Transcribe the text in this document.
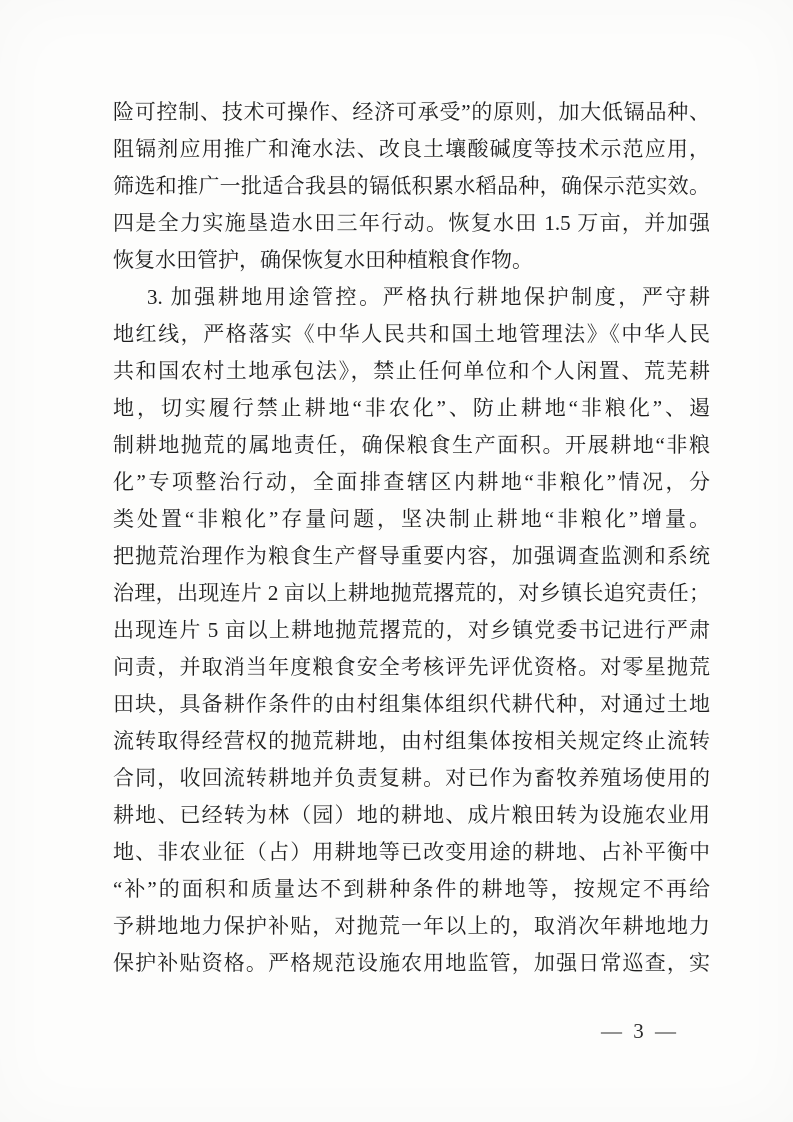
险可控制、技术可操作、经济可承受”的原则，加大低镉品种、
阻镉剂应用推广和淹水法、改良土壤酸碱度等技术示范应用，
筛选和推广一批适合我县的镉低积累水稻品种，确保示范实效。
四是全力实施垦造水田三年行动。恢复水田 1.5 万亩，并加强
恢复水田管护，确保恢复水田种植粮食作物。
3. 加强耕地用途管控。严格执行耕地保护制度，严守耕
地红线，严格落实《中华人民共和国土地管理法》《中华人民
共和国农村土地承包法》，禁止任何单位和个人闲置、荒芜耕
地，切实履行禁止耕地“非农化”、防止耕地“非粮化”、遏
制耕地抛荒的属地责任，确保粮食生产面积。开展耕地“非粮
化”专项整治行动，全面排查辖区内耕地“非粮化”情况，分
类处置“非粮化”存量问题，坚决制止耕地“非粮化”增量。
把抛荒治理作为粮食生产督导重要内容，加强调查监测和系统
治理，出现连片 2 亩以上耕地抛荒撂荒的，对乡镇长追究责任；
出现连片 5 亩以上耕地抛荒撂荒的，对乡镇党委书记进行严肃
问责，并取消当年度粮食安全考核评先评优资格。对零星抛荒
田块，具备耕作条件的由村组集体组织代耕代种，对通过土地
流转取得经营权的抛荒耕地，由村组集体按相关规定终止流转
合同，收回流转耕地并负责复耕。对已作为畜牧养殖场使用的
耕地、已经转为林（园）地的耕地、成片粮田转为设施农业用
地、非农业征（占）用耕地等已改变用途的耕地、占补平衡中
“补”的面积和质量达不到耕种条件的耕地等，按规定不再给
予耕地地力保护补贴，对抛荒一年以上的，取消次年耕地地力
保护补贴资格。严格规范设施农用地监管，加强日常巡查，实
— 3 —
